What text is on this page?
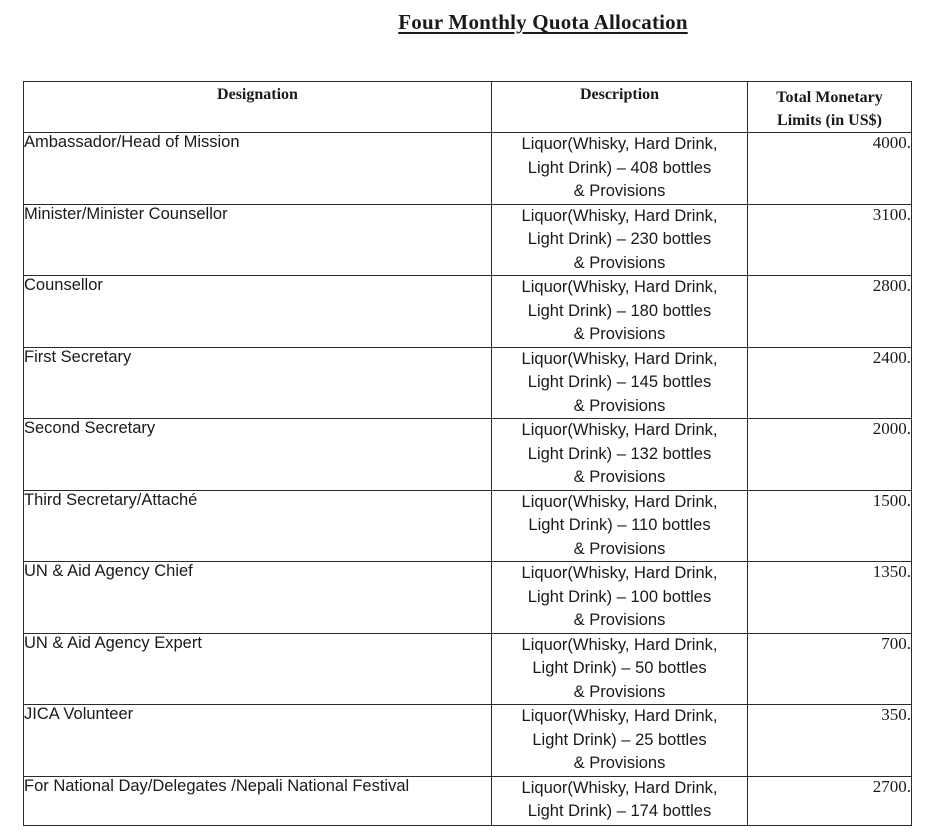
Four Monthly Quota Allocation
Designation	Description	Total Monetary
Limits (in US$)

Ambassador/Head of Mission	Liquor(Whisky, Hard Drink,
Light Drink) – 408 bottles
& Provisions	4000.
Minister/Minister Counsellor	Liquor(Whisky, Hard Drink,
Light Drink) – 230 bottles
& Provisions	3100.
Counsellor	Liquor(Whisky, Hard Drink,
Light Drink) – 180 bottles
& Provisions	2800.
First Secretary	Liquor(Whisky, Hard Drink,
Light Drink) – 145 bottles
& Provisions	2400.
Second Secretary	Liquor(Whisky, Hard Drink,
Light Drink) – 132 bottles
& Provisions	2000.
Third Secretary/Attaché	Liquor(Whisky, Hard Drink,
Light Drink) – 110 bottles
& Provisions	1500.
UN & Aid Agency Chief	Liquor(Whisky, Hard Drink,
Light Drink) – 100 bottles
& Provisions	1350.
UN & Aid Agency Expert	Liquor(Whisky, Hard Drink,
Light Drink) – 50 bottles
& Provisions	700.
JICA Volunteer	Liquor(Whisky, Hard Drink,
Light Drink) – 25 bottles
& Provisions	350.
For National Day/Delegates /Nepali National Festival	Liquor(Whisky, Hard Drink,
Light Drink) – 174 bottles	2700.
